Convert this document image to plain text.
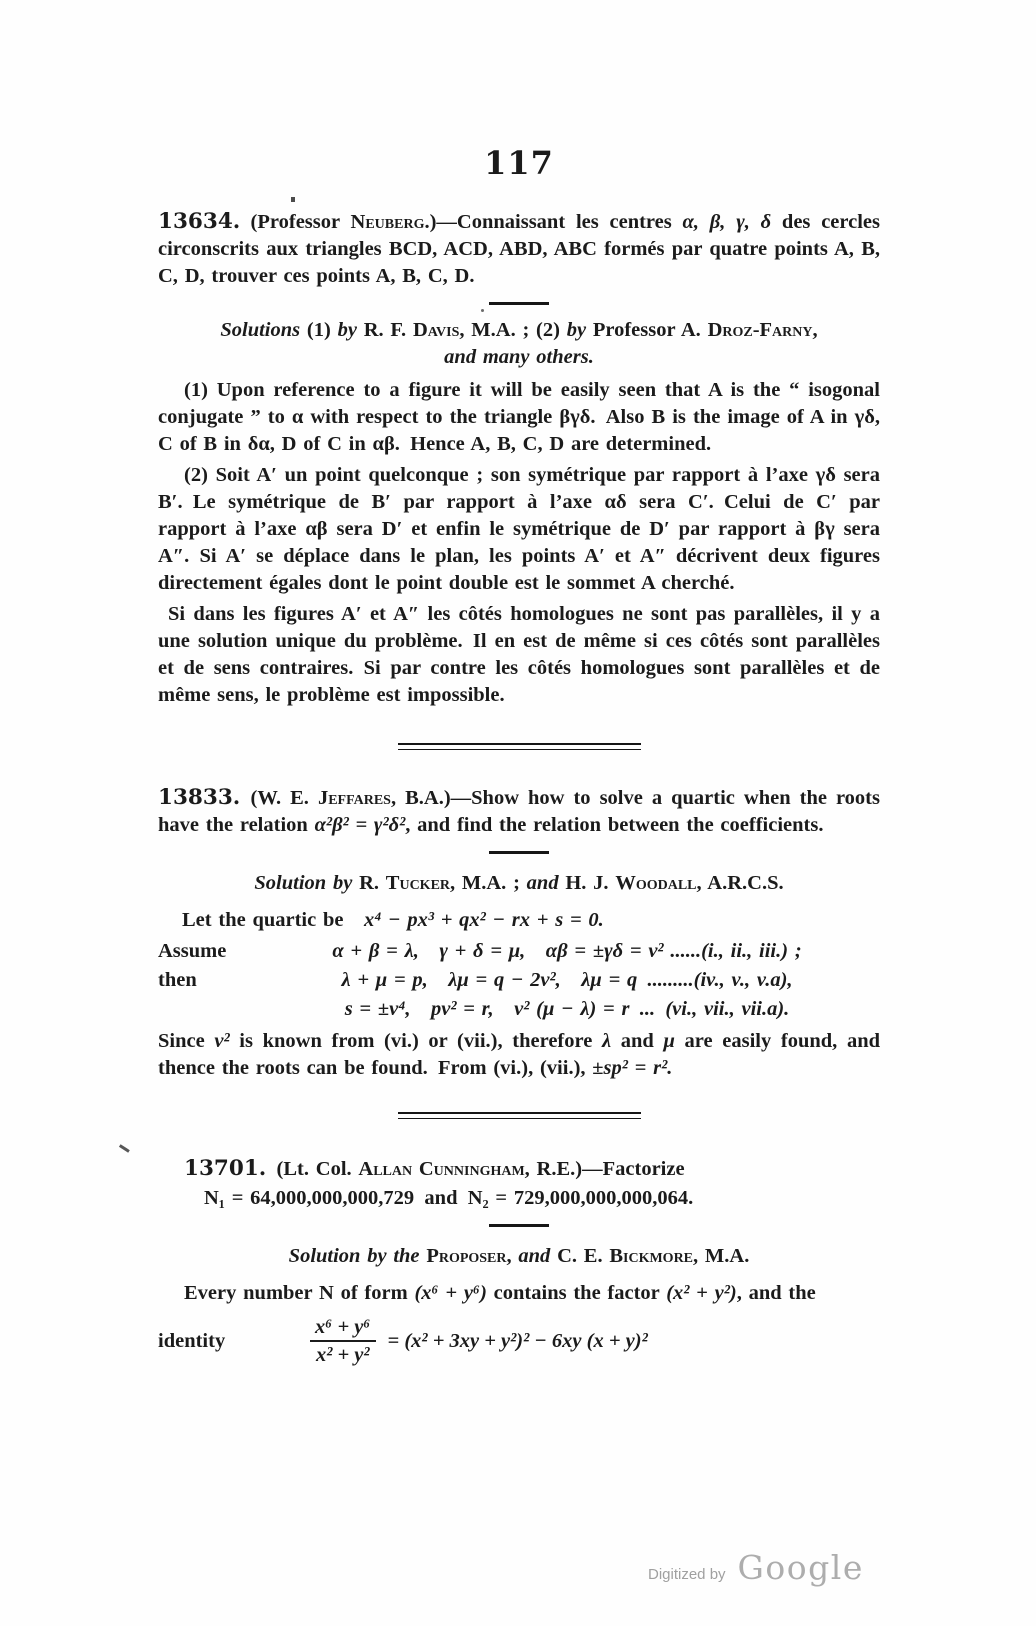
117

13634. (Professor Neuberg.)—Connaissant les centres α, β, γ, δ des cercles circonscrits aux triangles BCD, ACD, ABD, ABC formés par quatre points A, B, C, D, trouver ces points A, B, C, D.

Solutions (1) by R. F. Davis, M.A. ; (2) by Professor A. Droz-Farny,
and many others.

(1) Upon reference to a figure it will be easily seen that A is the “ isogonal conjugate ” to α with respect to the triangle βγδ. Also B is the image of A in γδ, C of B in δα, D of C in αβ. Hence A, B, C, D are determined.

(2) Soit A′ un point quelconque ; son symétrique par rapport à l’axe γδ sera B′. Le symétrique de B′ par rapport à l’axe αδ sera C′. Celui de C′ par rapport à l’axe αβ sera D′ et enfin le symétrique de D′ par rapport à βγ sera A″. Si A′ se déplace dans le plan, les points A′ et A″ décrivent deux figures directement égales dont le point double est le sommet A cherché.

Si dans les figures A′ et A″ les côtés homologues ne sont pas parallèles, il y a une solution unique du problème. Il en est de même si ces côtés sont parallèles et de sens contraires. Si par contre les côtés homologues sont parallèles et de même sens, le problème est impossible.

13833. (W. E. Jeffares, B.A.)—Show how to solve a quartic when the roots have the relation α²β² = γ²δ², and find the relation between the coefficients.

Solution by R. Tucker, M.A. ; and H. J. Woodall, A.R.C.S.

Let the quartic be x⁴ − px³ + qx² − rx + s = 0.

Assume	α + β = λ, γ + δ = μ, αβ = ±γδ = ν² ......(i., ii., iii.) ;
then	λ + μ = p, λμ = q − 2ν², λμ = q .........(iv., v., v.a),
s = ±ν⁴, pν² = r, ν² (μ − λ) = r ... (vi., vii., vii.a).

Since ν² is known from (vi.) or (vii.), therefore λ and μ are easily found, and thence the roots can be found. From (vi.), (vii.), ±sp² = r².

13701. (Lt. Col. Allan Cunningham, R.E.)—Factorize

N₁ = 64,000,000,000,729 and N₂ = 729,000,000,000,064.

Solution by the Proposer, and C. E. Bickmore, M.A.

Every number N of form (x⁶ + y⁶) contains the factor (x² + y²), and the

identity	$\frac{\text{x⁶ + y⁶}}{\text{x² + y²}} = (x^2 + 3xy + y^2)^2 - 6xy$ (x + y)²
Digitized by Google
